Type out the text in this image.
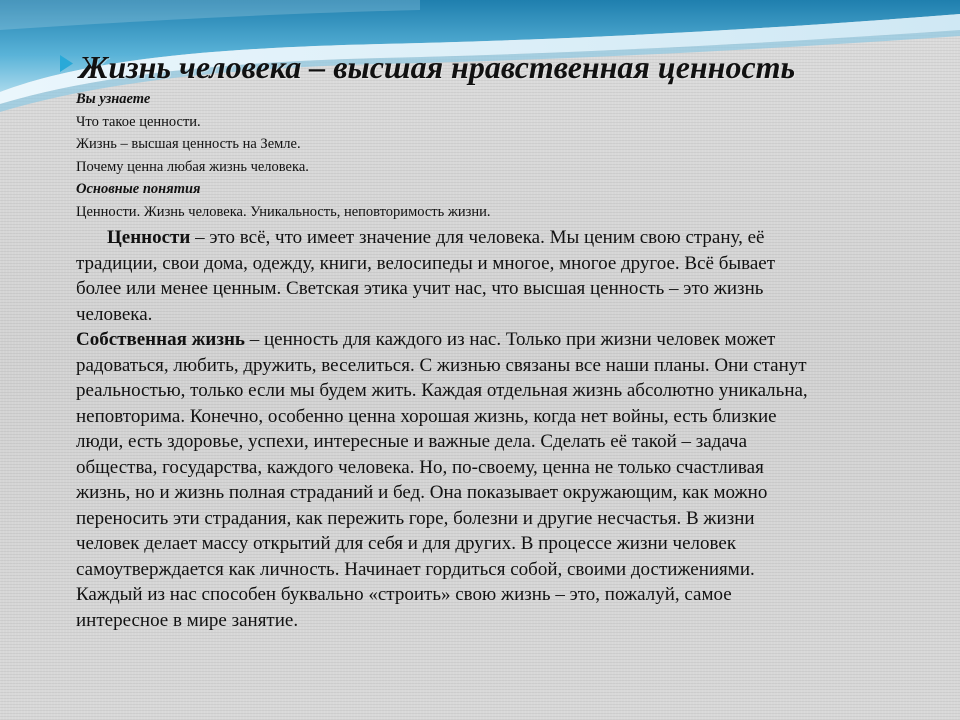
Жизнь человека – высшая нравственная ценность
Вы узнаете
Что такое ценности.
Жизнь – высшая ценность на Земле.
Почему ценна любая жизнь человека.
Основные понятия
Ценности. Жизнь человека. Уникальность, неповторимость жизни.
Ценности – это всё, что имеет значение для человека. Мы ценим свою страну, её
традиции, свои дома, одежду, книги, велосипеды и многое, многое другое. Всё бывает
более или менее ценным. Светская этика учит нас, что высшая ценность – это жизнь
человека.
Собственная жизнь – ценность для каждого из нас. Только при жизни человек может
радоваться, любить, дружить, веселиться. С жизнью связаны все наши планы. Они станут
реальностью, только если мы будем жить. Каждая отдельная жизнь абсолютно уникальна,
неповторима. Конечно, особенно ценна хорошая жизнь, когда нет войны, есть близкие
люди, есть здоровье, успехи, интересные и важные дела. Сделать её такой – задача
общества, государства, каждого человека. Но, по-своему, ценна не только счастливая
жизнь, но и жизнь полная страданий и бед. Она показывает окружающим, как можно
переносить эти страдания, как пережить горе, болезни и другие несчастья. В жизни
человек делает массу открытий для себя и для других. В процессе жизни человек
самоутверждается как личность. Начинает гордиться собой, своими достижениями.
Каждый из нас способен буквально «строить» свою жизнь – это, пожалуй, самое
интересное в мире занятие.
